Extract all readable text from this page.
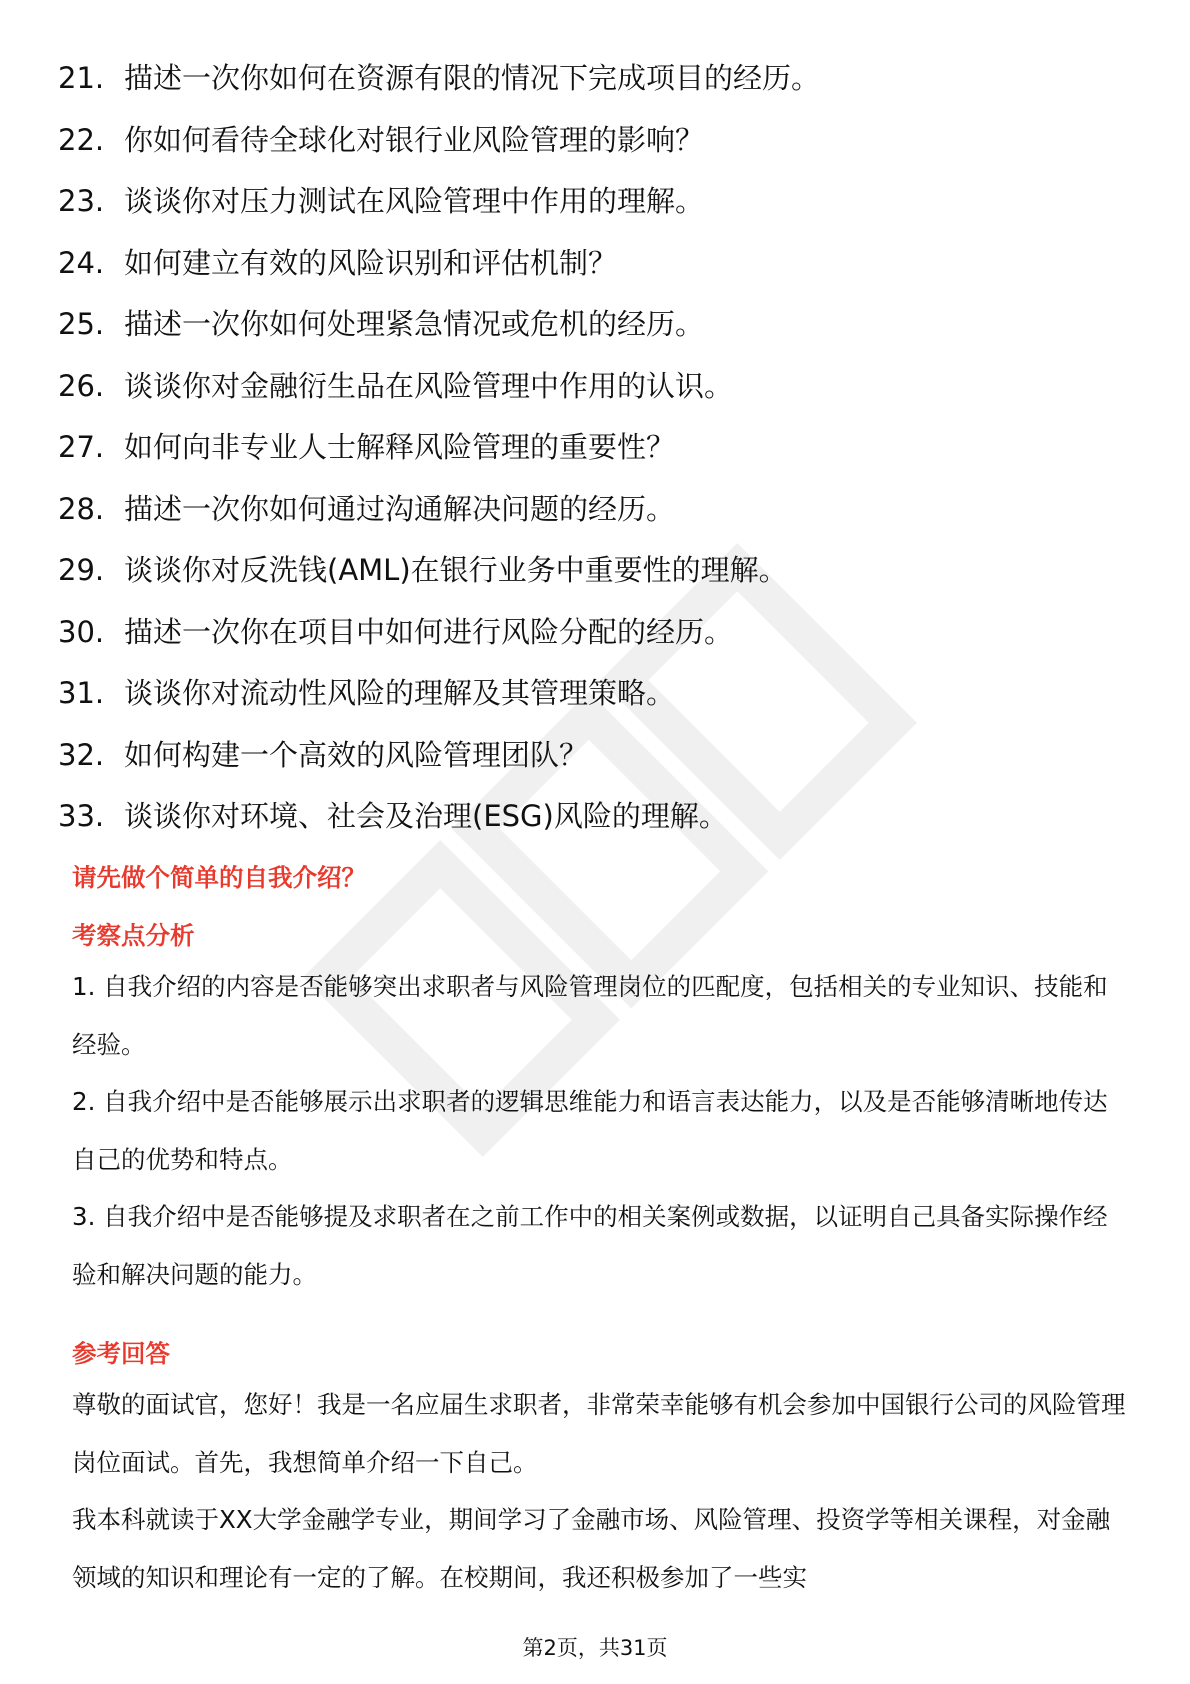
21. 描述一次你如何在资源有限的情况下完成项目的经历。
22. 你如何看待全球化对银行业风险管理的影响？
23. 谈谈你对压力测试在风险管理中作用的理解。
24. 如何建立有效的风险识别和评估机制？
25. 描述一次你如何处理紧急情况或危机的经历。
26. 谈谈你对金融衍生品在风险管理中作用的认识。
27. 如何向非专业人士解释风险管理的重要性？
28. 描述一次你如何通过沟通解决问题的经历。
29. 谈谈你对反洗钱(AML)在银行业务中重要性的理解。
30. 描述一次你在项目中如何进行风险分配的经历。
31. 谈谈你对流动性风险的理解及其管理策略。
32. 如何构建一个高效的风险管理团队？
33. 谈谈你对环境、社会及治理(ESG)风险的理解。
请先做个简单的自我介绍？
考察点分析

1. 自我介绍的内容是否能够突出求职者与风险管理岗位的匹配度，包括相关的专业知识、技能和经验。

2. 自我介绍中是否能够展示出求职者的逻辑思维能力和语言表达能力，以及是否能够清晰地传达自己的优势和特点。

3. 自我介绍中是否能够提及求职者在之前工作中的相关案例或数据，以证明自己具备实际操作经验和解决问题的能力。

参考回答

尊敬的面试官，您好！我是一名应届生求职者，非常荣幸能够有机会参加中国银行公司的风险管理岗位面试。首先，我想简单介绍一下自己。

我本科就读于XX大学金融学专业，期间学习了金融市场、风险管理、投资学等相关课程，对金融领域的知识和理论有一定的了解。在校期间，我还积极参加了一些实

第2页，共31页
